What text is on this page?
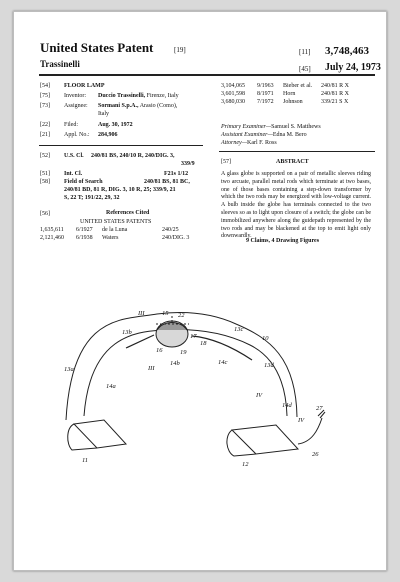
United States Patent	[19]
Trassinelli
[11] 3,748,463
[45] July 24, 1973
[54] FLOOR LAMP
[75] Inventor: Duccio Trassinelli, Firenze, Italy
[73] Assignee: Sormani S.p.A., Arasio (Como),
Italy
[22] Filed:	Aug. 30, 1972
[21] Appl. No.: 284,906
[52] U.S. Cl. 240/81 BS, 240/10 R, 240/DIG. 3,
339/9
[51] Int. Cl.	F21s 1/12
[58] Field of Search	240/81 BS, 81 BC,
240/81 BD, 81 R, DIG. 3, 10 R, 25; 339/9, 21
S, 22 T; 191/22, 29, 32
[56]	References Cited
UNITED STATES PATENTS
1,635,611 6/1927 de la Luna	240/25
2,121,460 6/1938 Waters	240/DIG. 3
3,104,065 9/1963 Bieber et al. 240/81 R X
3,601,598 8/1971 Horn	240/81 R X
3,680,030 7/1972 Johnson	339/21 S X
Primary Examiner—Samuel S. Matthews
Assistant Examiner—Edna M. Bero
Attorney—Karl F. Ross
[57]	ABSTRACT
A glass globe is supported on a pair of metallic sleeves riding two arcuate, parallel metal rods which terminate at two bases, one of those bases containing a step-down transformer by which the two rods may be energized with low-voltage current. A bulb inside the globe has terminals connected to the two sleeves so as to light upon closure of a switch; the globe can be immobilized anywhere along the guidepath represented by the two rods and may be blackened at the top to emit light only downwardly.
9 Claims, 4 Drawing Figures
III	15 22
13c
10
13b
17
18
16	19
14b	14c	13d
13a
14a
IV
14d	27
11
12
26
III
IV
